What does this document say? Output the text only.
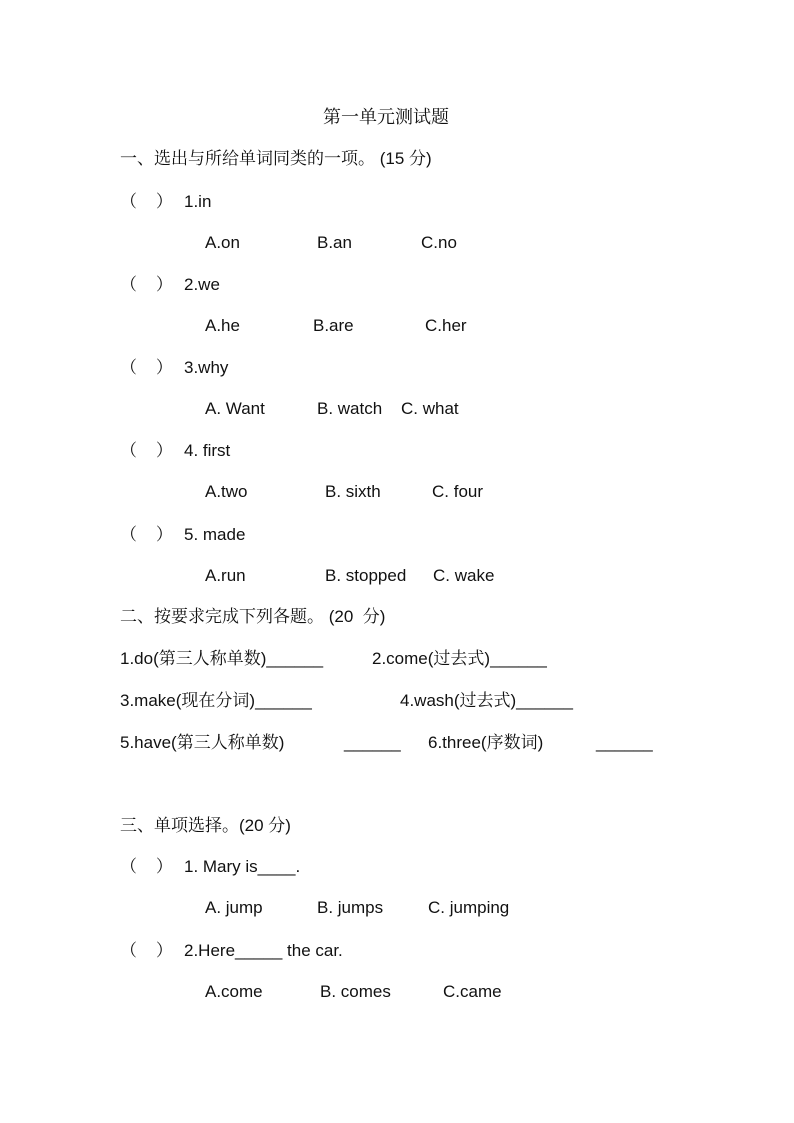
第一单元测试题
一、选出与所给单词同类的一项。 (15 分)
（    ） 1.in
A.on	B.an	C.no
（    ） 2.we
A.he	B.are	C.her
（    ） 3.why
A. Want	B. watch C. what
（    ） 4. first
A.two	B. sixth	C. four
（    ） 5. made
A.run	B. stopped C. wake
二、按要求完成下列各题。 (20  分)
1.do(第三人称单数)______	2.come(过去式)______
3.make(现在分词)______	4.wash(过去式)______
5.have(第三人称单数)	______ 6.three(序数词)	______
三、单项选择。(20 分)
（    ） 1. Mary is____.
A. jump	B. jumps	C. jumping
（    ） 2.Here_____ the car.
A.come	B. comes	C.came
